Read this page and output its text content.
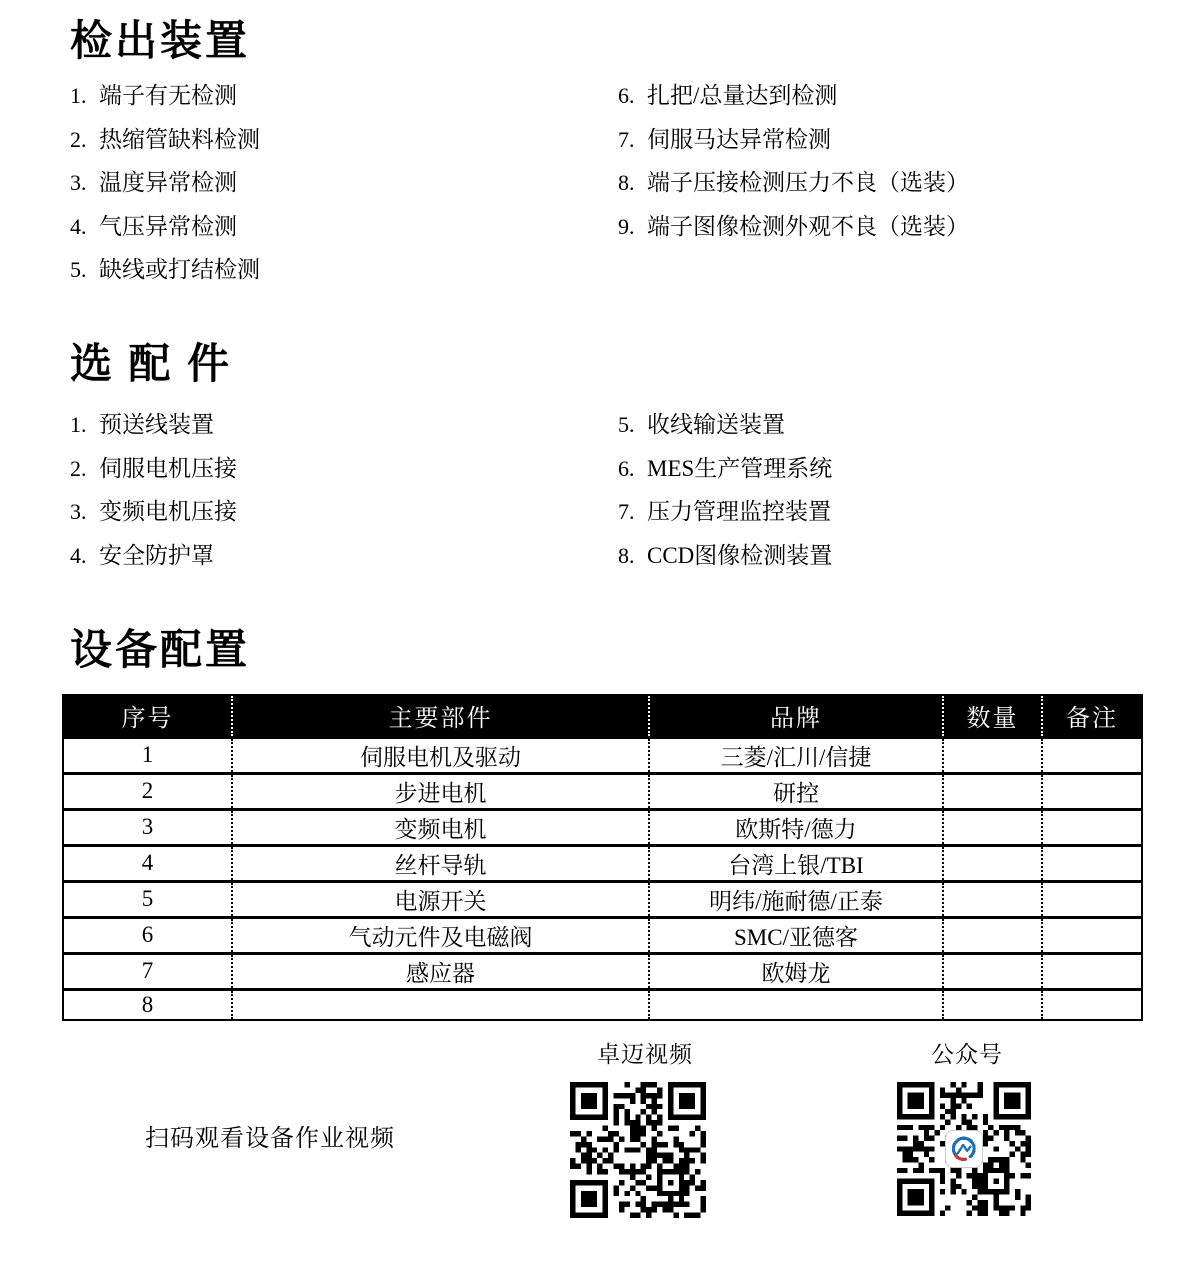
检出装置
1. 端子有无检测
2. 热缩管缺料检测
3. 温度异常检测
4. 气压异常检测
5. 缺线或打结检测
6. 扎把/总量达到检测
7. 伺服马达异常检测
8. 端子压接检测压力不良（选装）
9. 端子图像检测外观不良（选装）
选 配 件
1. 预送线装置
2. 伺服电机压接
3. 变频电机压接
4. 安全防护罩
5. 收线输送装置
6. MES生产管理系统
7. 压力管理监控装置
8. CCD图像检测装置
设备配置
序号	主要部件	品牌	数量	备注
1	伺服电机及驱动	三菱/汇川/信捷		
2	步进电机	研控		
3	变频电机	欧斯特/德力		
4	丝杆导轨	台湾上银/TBI		
5	电源开关	明纬/施耐德/正泰		
6	气动元件及电磁阀	SMC/亚德客		
7	感应器	欧姆龙		
8				
卓迈视频	公众号
扫码观看设备作业视频
